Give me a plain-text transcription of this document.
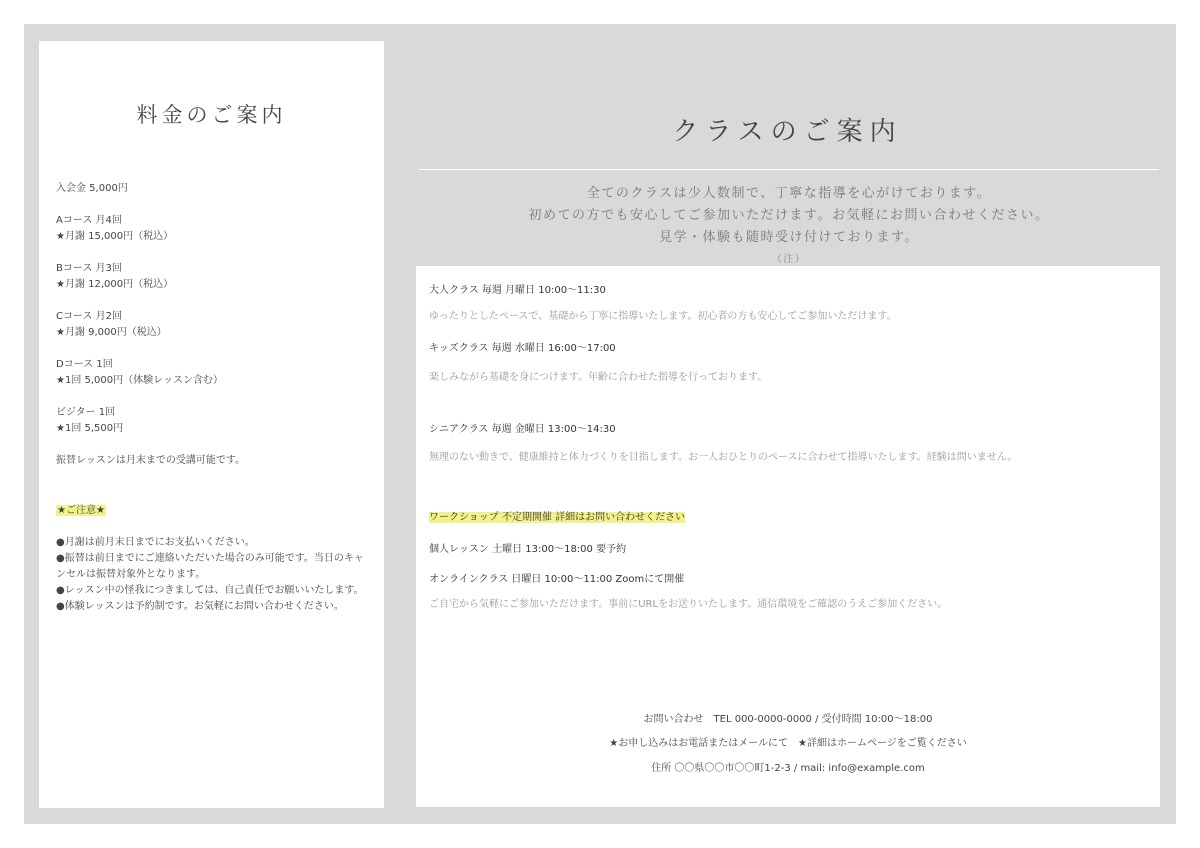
料金のご案内
入会金 5,000円
Aコース 月4回
★月謝 15,000円（税込）
Bコース 月3回
★月謝 12,000円（税込）
Cコース 月2回
★月謝 9,000円（税込）
Dコース 1回
★1回 5,000円（体験レッスン含む）
ビジター 1回
★1回 5,500円
振替レッスンは月末までの受講可能です。
★ご注意★
●月謝は前月末日までにお支払いください。
●振替は前日までにご連絡いただいた場合のみ可能です。当日のキャンセルは振替対象外となります。
●レッスン中の怪我につきましては、自己責任でお願いいたします。
●体験レッスンは予約制です。お気軽にお問い合わせください。
クラスのご案内
全てのクラスは少人数制で、丁寧な指導を心がけております。
初めての方でも安心してご参加いただけます。お気軽にお問い合わせください。
見学・体験も随時受け付けております。
（注）

大人クラス 毎週 月曜日 10:00〜11:30

ゆったりとしたペースで、基礎から丁寧に指導いたします。初心者の方も安心してご参加いただけます。

キッズクラス 毎週 水曜日 16:00〜17:00

楽しみながら基礎を身につけます。年齢に合わせた指導を行っております。

シニアクラス 毎週 金曜日 13:00〜14:30

無理のない動きで、健康維持と体力づくりを目指します。お一人おひとりのペースに合わせて指導いたします。経験は問いません。

ワークショップ 不定期開催 詳細はお問い合わせください

個人レッスン 土曜日 13:00〜18:00 要予約

オンラインクラス 日曜日 10:00〜11:00 Zoomにて開催

ご自宅から気軽にご参加いただけます。事前にURLをお送りいたします。通信環境をご確認のうえご参加ください。

お問い合わせ　TEL 000-0000-0000 / 受付時間 10:00〜18:00
★お申し込みはお電話またはメールにて　★詳細はホームページをご覧ください
住所 〇〇県〇〇市〇〇町1-2-3 / mail: info@example.com
